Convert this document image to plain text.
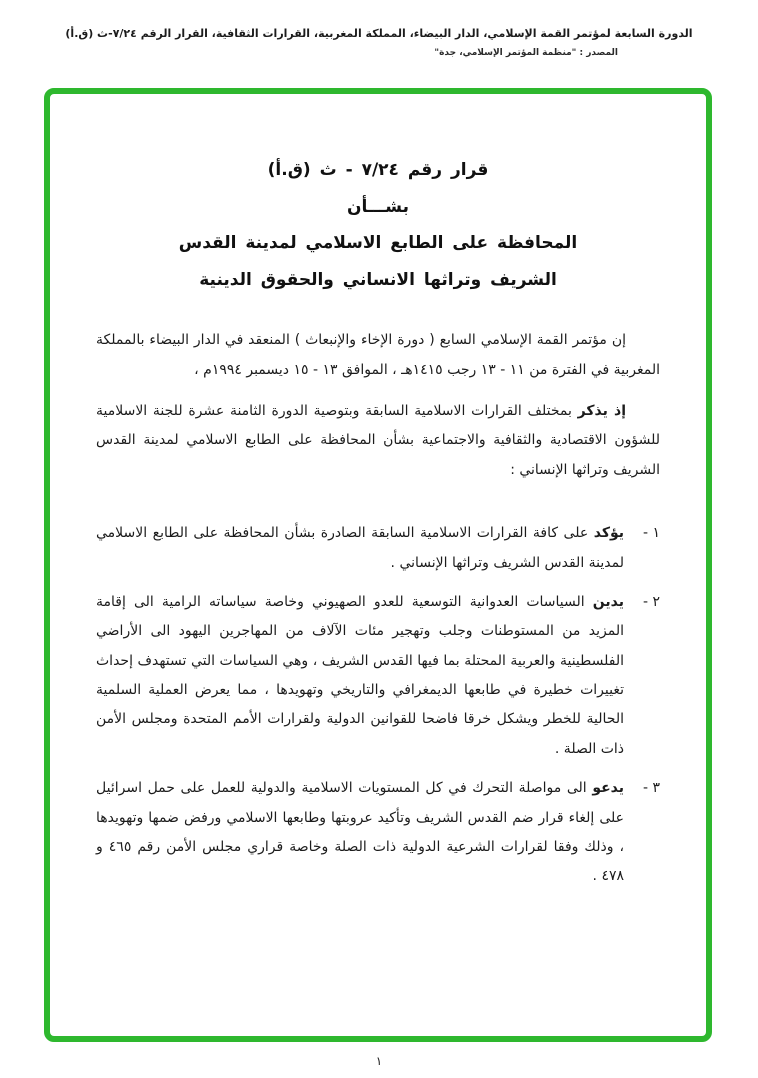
الدورة السابعة لمؤتمر القمة الإسلامي، الدار البيضاء، المملكة المغربية، القرارات الثقافية، القرار الرقم ٧/٢٤-ث (ق.أ)
المصدر : "منظمة المؤتمر الإسلامي، جدة"
قرار رقم ٧/٢٤ - ث (ق.أ)
بشـــأن
المحافظة على الطابع الاسلامي لمدينة القدس
الشريف وتراثها الانساني والحقوق الدينية

إن مؤتمر القمة الإسلامي السابع ( دورة الإخاء والإنبعاث ) المنعقد في الدار البيضاء بالمملكة المغربية في الفترة من ١١ - ١٣ رجب ١٤١٥هـ ، الموافق ١٣ - ١٥ ديسمبر ١٩٩٤م ،

إذ يذكر بمختلف القرارات الاسلامية السابقة وبتوصية الدورة الثامنة عشرة للجنة الاسلامية للشؤون الاقتصادية والثقافية والاجتماعية بشأن المحافظة على الطابع الاسلامي لمدينة القدس الشريف وتراثها الإنساني :

١ -
يؤكد على كافة القرارات الاسلامية السابقة الصادرة بشأن المحافظة على الطابع الاسلامي لمدينة القدس الشريف وتراثها الإنساني .
٢ -
يدين السياسات العدوانية التوسعية للعدو الصهيوني وخاصة سياساته الرامية الى إقامة المزيد من المستوطنات وجلب وتهجير مئات الآلاف من المهاجرين اليهود الى الأراضي الفلسطينية والعربية المحتلة بما فيها القدس الشريف ، وهي السياسات التي تستهدف إحداث تغييرات خطيرة في طابعها الديمغرافي والتاريخي وتهويدها ، مما يعرض العملية السلمية الحالية للخطر ويشكل خرقا فاضحا للقوانين الدولية ولقرارات الأمم المتحدة ومجلس الأمن ذات الصلة .
٣ -
يدعو الى مواصلة التحرك في كل المستويات الاسلامية والدولية للعمل على حمل اسرائيل على إلغاء قرار ضم القدس الشريف وتأكيد عروبتها وطابعها الاسلامي ورفض ضمها وتهويدها ، وذلك وفقا لقرارات الشرعية الدولية ذات الصلة وخاصة قراري مجلس الأمن رقم ٤٦٥ و ٤٧٨ .
١
